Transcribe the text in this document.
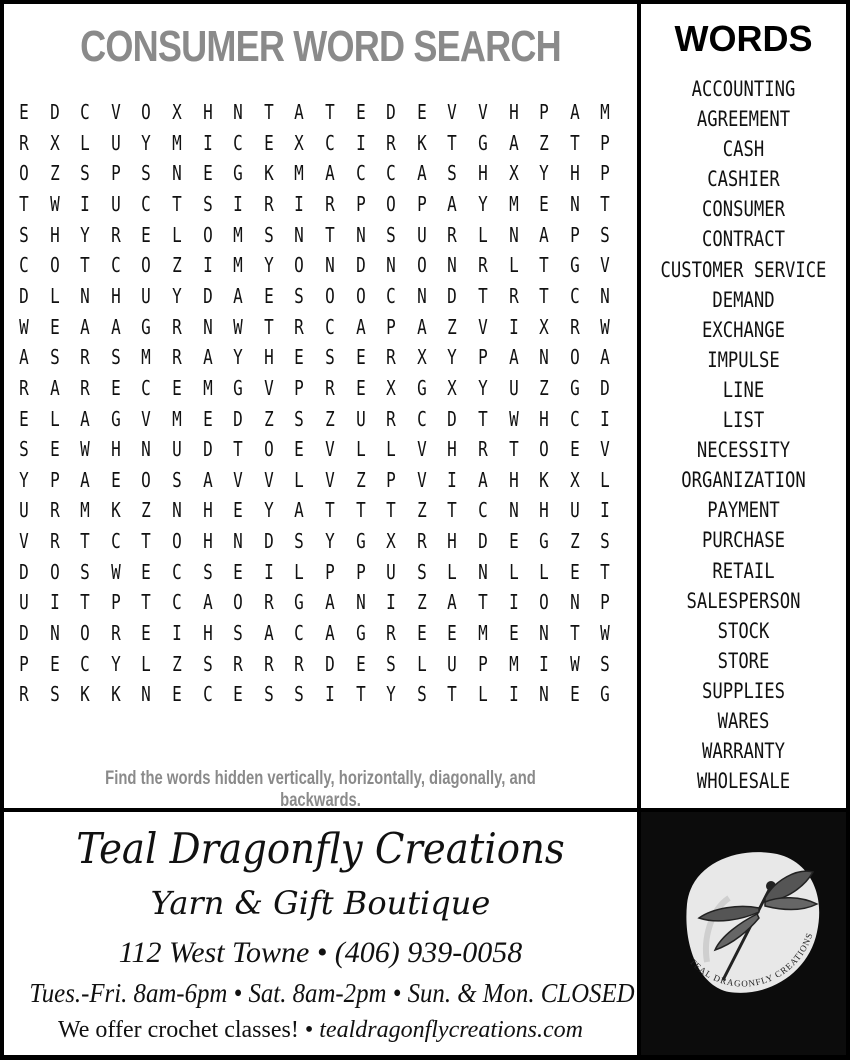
CONSUMER WORD SEARCH
E D C V O X H N T A T E D E V V H P A M
R X L U Y M I C E X C I R K T G A Z T P
O Z S P S N E G K M A C C A S H X Y H P
T W I U C T S I R I R P O P A Y M E N T
S H Y R E L O M S N T N S U R L N A P S
C O T C O Z I M Y O N D N O N R L T G V
D L N H U Y D A E S O O C N D T R T C N
W E A A G R N W T R C A P A Z V I X R W
A S R S M R A Y H E S E R X Y P A N O A
R A R E C E M G V P R E X G X Y U Z G D
E L A G V M E D Z S Z U R C D T W H C I
S E W H N U D T O E V L L V H R T O E V
Y P A E O S A V V L V Z P V I A H K X L
U R M K Z N H E Y A T T T Z T C N H U I
V R T C T O H N D S Y G X R H D E G Z S
D O S W E C S E I L P P U S L N L L E T
U I T P T C A O R G A N I Z A T I O N P
D N O R E I H S A C A G R E E M E N T W
P E C Y L Z S R R R D E S L U P M I W S
R S K K N E C E S S I T Y S T L I N E G
Find the words hidden vertically, horizontally, diagonally, and backwards.
WORDS
ACCOUNTING
AGREEMENT
CASH
CASHIER
CONSUMER
CONTRACT
CUSTOMER SERVICE
DEMAND
EXCHANGE
IMPULSE
LINE
LIST
NECESSITY
ORGANIZATION
PAYMENT
PURCHASE
RETAIL
SALESPERSON
STOCK
STORE
SUPPLIES
WARES
WARRANTY
WHOLESALE
Teal Dragonfly Creations
Yarn & Gift Boutique
112 West Towne • (406) 939-0058
Tues.-Fri. 8am-6pm • Sat. 8am-2pm • Sun. & Mon. CLOSED
We offer crochet classes! • tealdragonflycreations.com
TEAL DRAGONFLY CREATIONS
